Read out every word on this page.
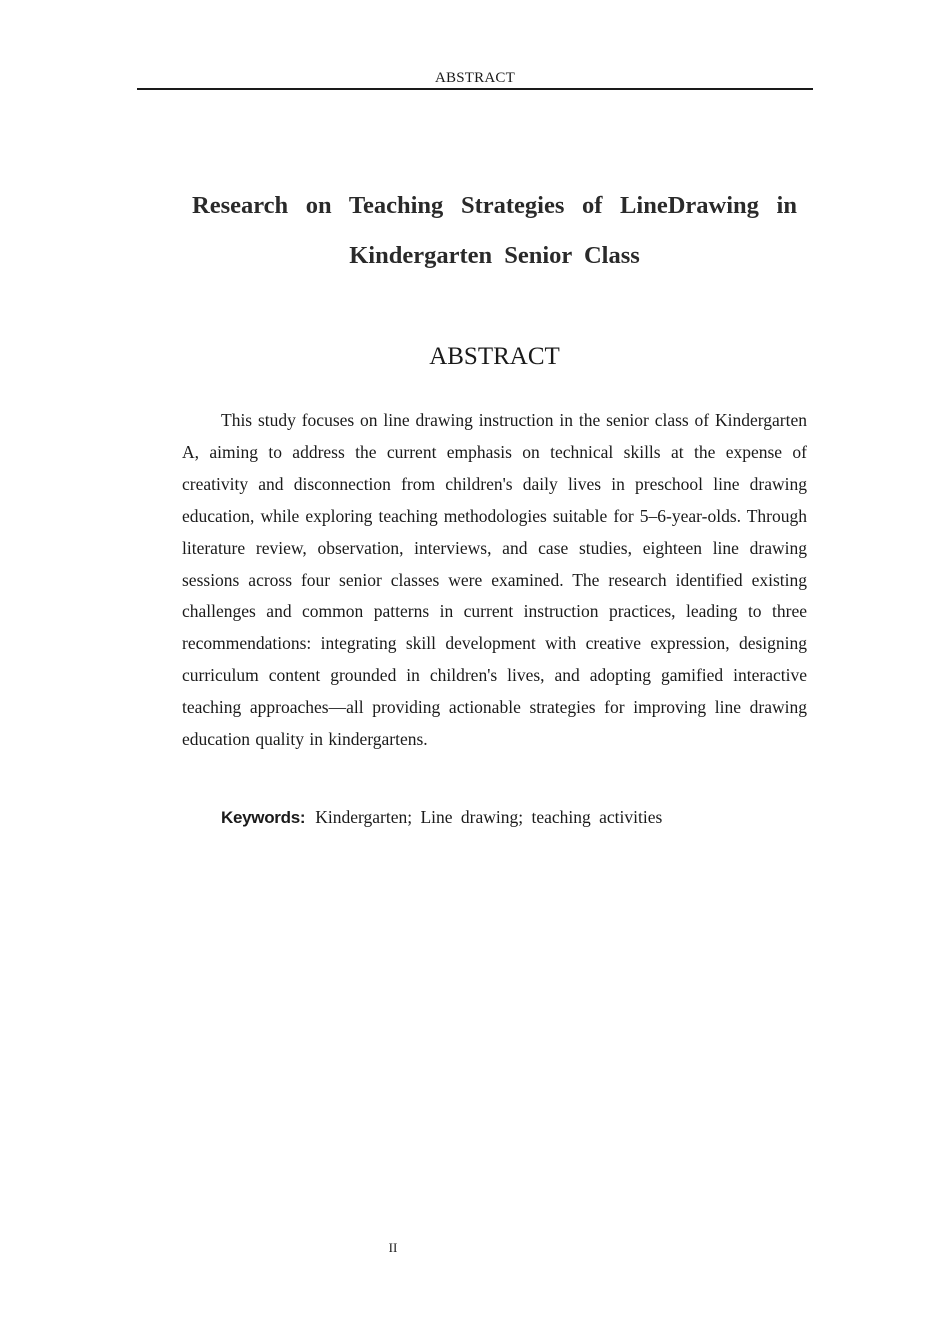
ABSTRACT
Research on Teaching Strategies of LineDrawing in
Kindergarten Senior Class
ABSTRACT

This study focuses on line drawing instruction in the senior class of Kindergarten A, aiming to address the current emphasis on technical skills at the expense of creativity and disconnection from children's daily lives in preschool line drawing education, while exploring teaching methodologies suitable for 5–6-year-olds. Through literature review, observation, interviews, and case studies, eighteen line drawing sessions across four senior classes were examined. The research identified existing challenges and common patterns in current instruction practices, leading to three recommendations: integrating skill development with creative expression, designing curriculum content grounded in children's lives, and adopting gamified interactive teaching approaches—all providing actionable strategies for improving line drawing education quality in kindergartens.

Keywords: Kindergarten; Line drawing; teaching activities
II
